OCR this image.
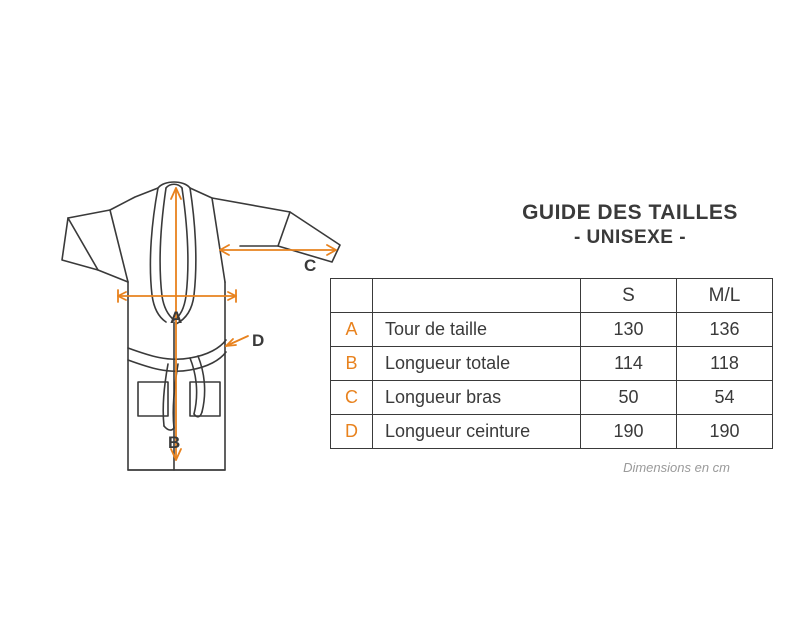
A
B
C
D
GUIDE DES TAILLES
- UNISEXE -
		S	M/L
A	Tour de taille	130	136
B	Longueur totale	114	118
C	Longueur bras	50	54
D	Longueur ceinture	190	190
Dimensions en cm
